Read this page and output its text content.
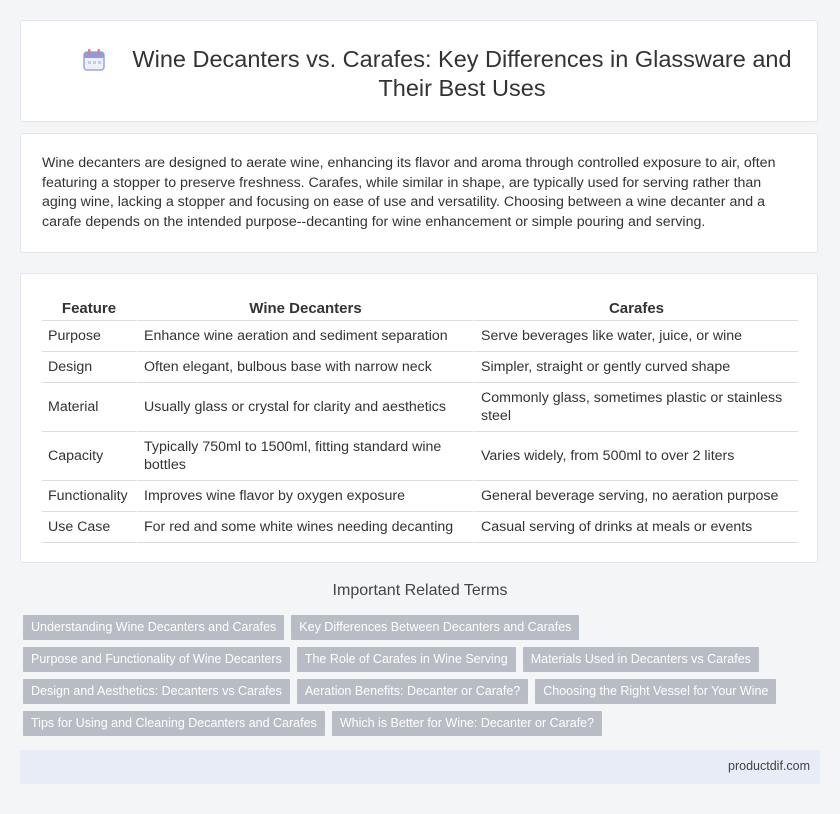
Wine Decanters vs. Carafes: Key Differences in Glassware and Their Best Uses
Wine decanters are designed to aerate wine, enhancing its flavor and aroma through controlled exposure to air, often featuring a stopper to preserve freshness. Carafes, while similar in shape, are typically used for serving rather than aging wine, lacking a stopper and focusing on ease of use and versatility. Choosing between a wine decanter and a carafe depends on the intended purpose--decanting for wine enhancement or simple pouring and serving.
Feature	Wine Decanters	Carafes
Purpose	Enhance wine aeration and sediment separation	Serve beverages like water, juice, or wine
Design	Often elegant, bulbous base with narrow neck	Simpler, straight or gently curved shape
Material	Usually glass or crystal for clarity and aesthetics	Commonly glass, sometimes plastic or stainless steel
Capacity	Typically 750ml to 1500ml, fitting standard wine bottles	Varies widely, from 500ml to over 2 liters
Functionality	Improves wine flavor by oxygen exposure	General beverage serving, no aeration purpose
Use Case	For red and some white wines needing decanting	Casual serving of drinks at meals or events
Important Related Terms
Understanding Wine Decanters and Carafes	Key Differences Between Decanters and Carafes
Purpose and Functionality of Wine Decanters	The Role of Carafes in Wine Serving	Materials Used in Decanters vs Carafes
Design and Aesthetics: Decanters vs Carafes	Aeration Benefits: Decanter or Carafe?	Choosing the Right Vessel for Your Wine
Tips for Using and Cleaning Decanters and Carafes	Which is Better for Wine: Decanter or Carafe?
productdif.com
